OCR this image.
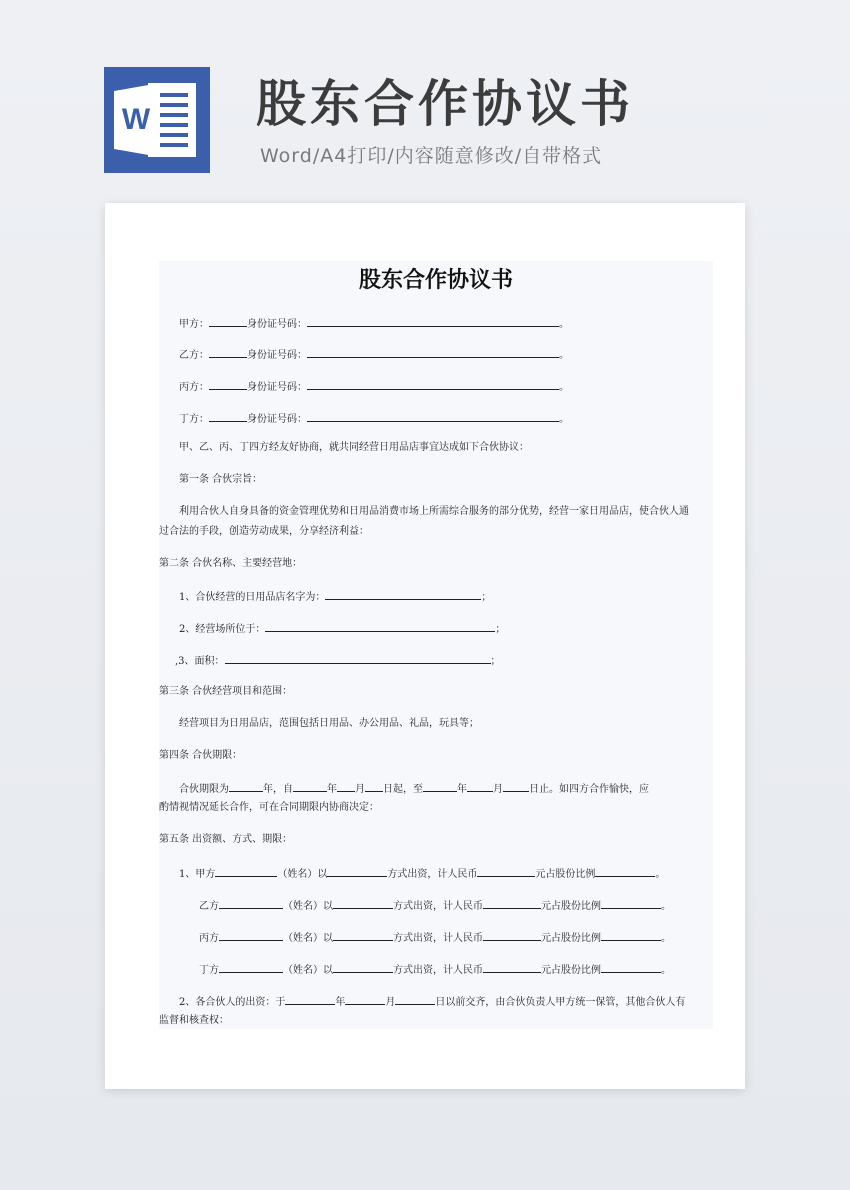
W 股东合作协议书
Word/A4打印/内容随意修改/自带格式
股东合作协议书
甲方：	身份证号码：	。
乙方：	身份证号码：	。
丙方：	身份证号码：	。
丁方：	身份证号码：	。
甲、乙、丙、丁四方经友好协商，就共同经营日用品店事宜达成如下合伙协议：
第一条 合伙宗旨：
利用合伙人自身具备的资金管理优势和日用品消费市场上所需综合服务的部分优势，经营一家日用品店，使合伙人通
过合法的手段，创造劳动成果，分享经济利益：
第二条 合伙名称、主要经营地：
1、合伙经营的日用品店名字为：	；
2、经营场所位于：	；
,3、面积：	；
第三条 合伙经营项目和范围：
经营项目为日用品店，范围包括日用品、办公用品、礼品，玩具等；
第四条 合伙期限：
合伙期限为	年，自	年 月 日起，至	年	月	日止。如四方合作愉快，应
酌情视情况延长合作，可在合同期限内协商决定：
第五条 出资额、方式、期限：
1、甲方	（姓名）以	方式出资，计人民币	元占股份比例	。
乙方	（姓名）以	方式出资，计人民币	元占股份比例	。
丙方	（姓名）以	方式出资，计人民币	元占股份比例	。
丁方	（姓名）以	方式出资，计人民币	元占股份比例	。
2、各合伙人的出资：于	年	月	日以前交齐，由合伙负责人甲方统一保管，其他合伙人有
监督和核查权：
